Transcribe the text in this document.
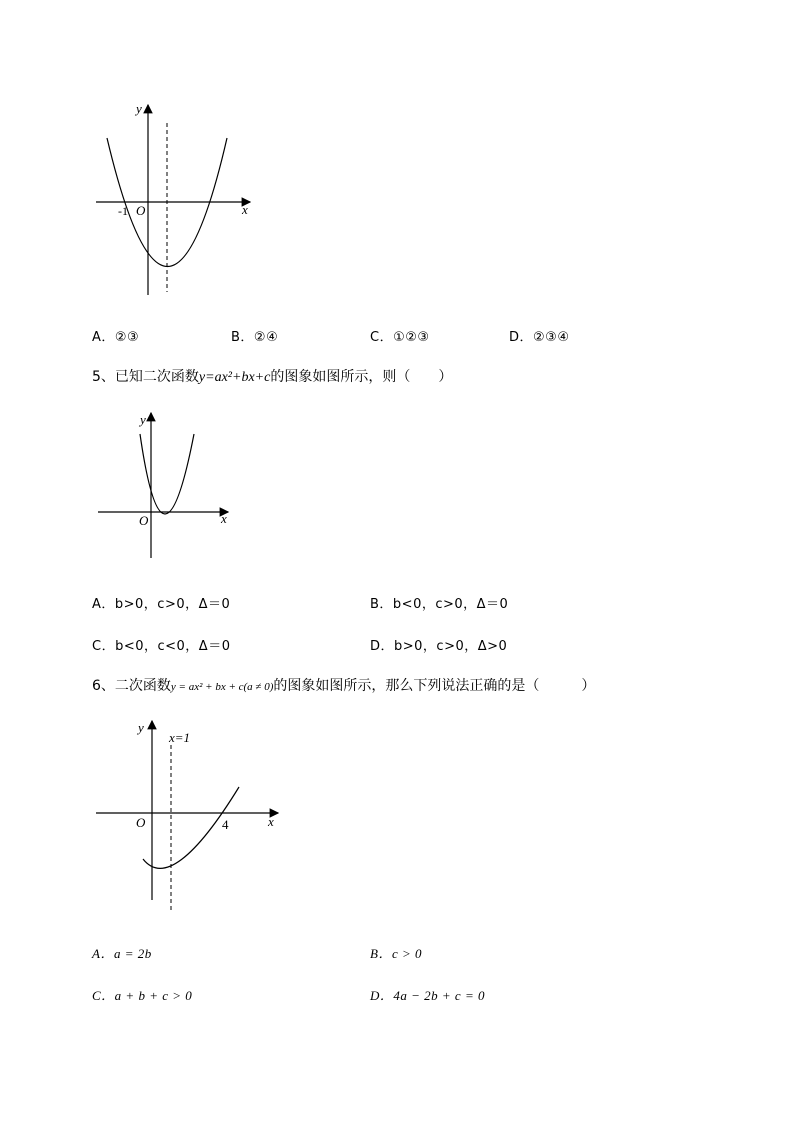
y
x
O
-1
A．②③	B．②④	C．①②③	D．②③④
5、已知二次函数y=ax²+bx+c的图象如图所示，则（　　）
y
x
O
A．b>0，c>0，Δ＝0	B．b<0，c>0，Δ＝0
C．b<0，c<0，Δ＝0	D．b>0，c>0，Δ>0
6、二次函数y = ax² + bx + c(a ≠ 0)的图象如图所示，那么下列说法正确的是（　　　）
y
x
O
x=1
4
A．a = 2b	B．c > 0
C．a + b + c > 0	D．4a − 2b + c = 0
